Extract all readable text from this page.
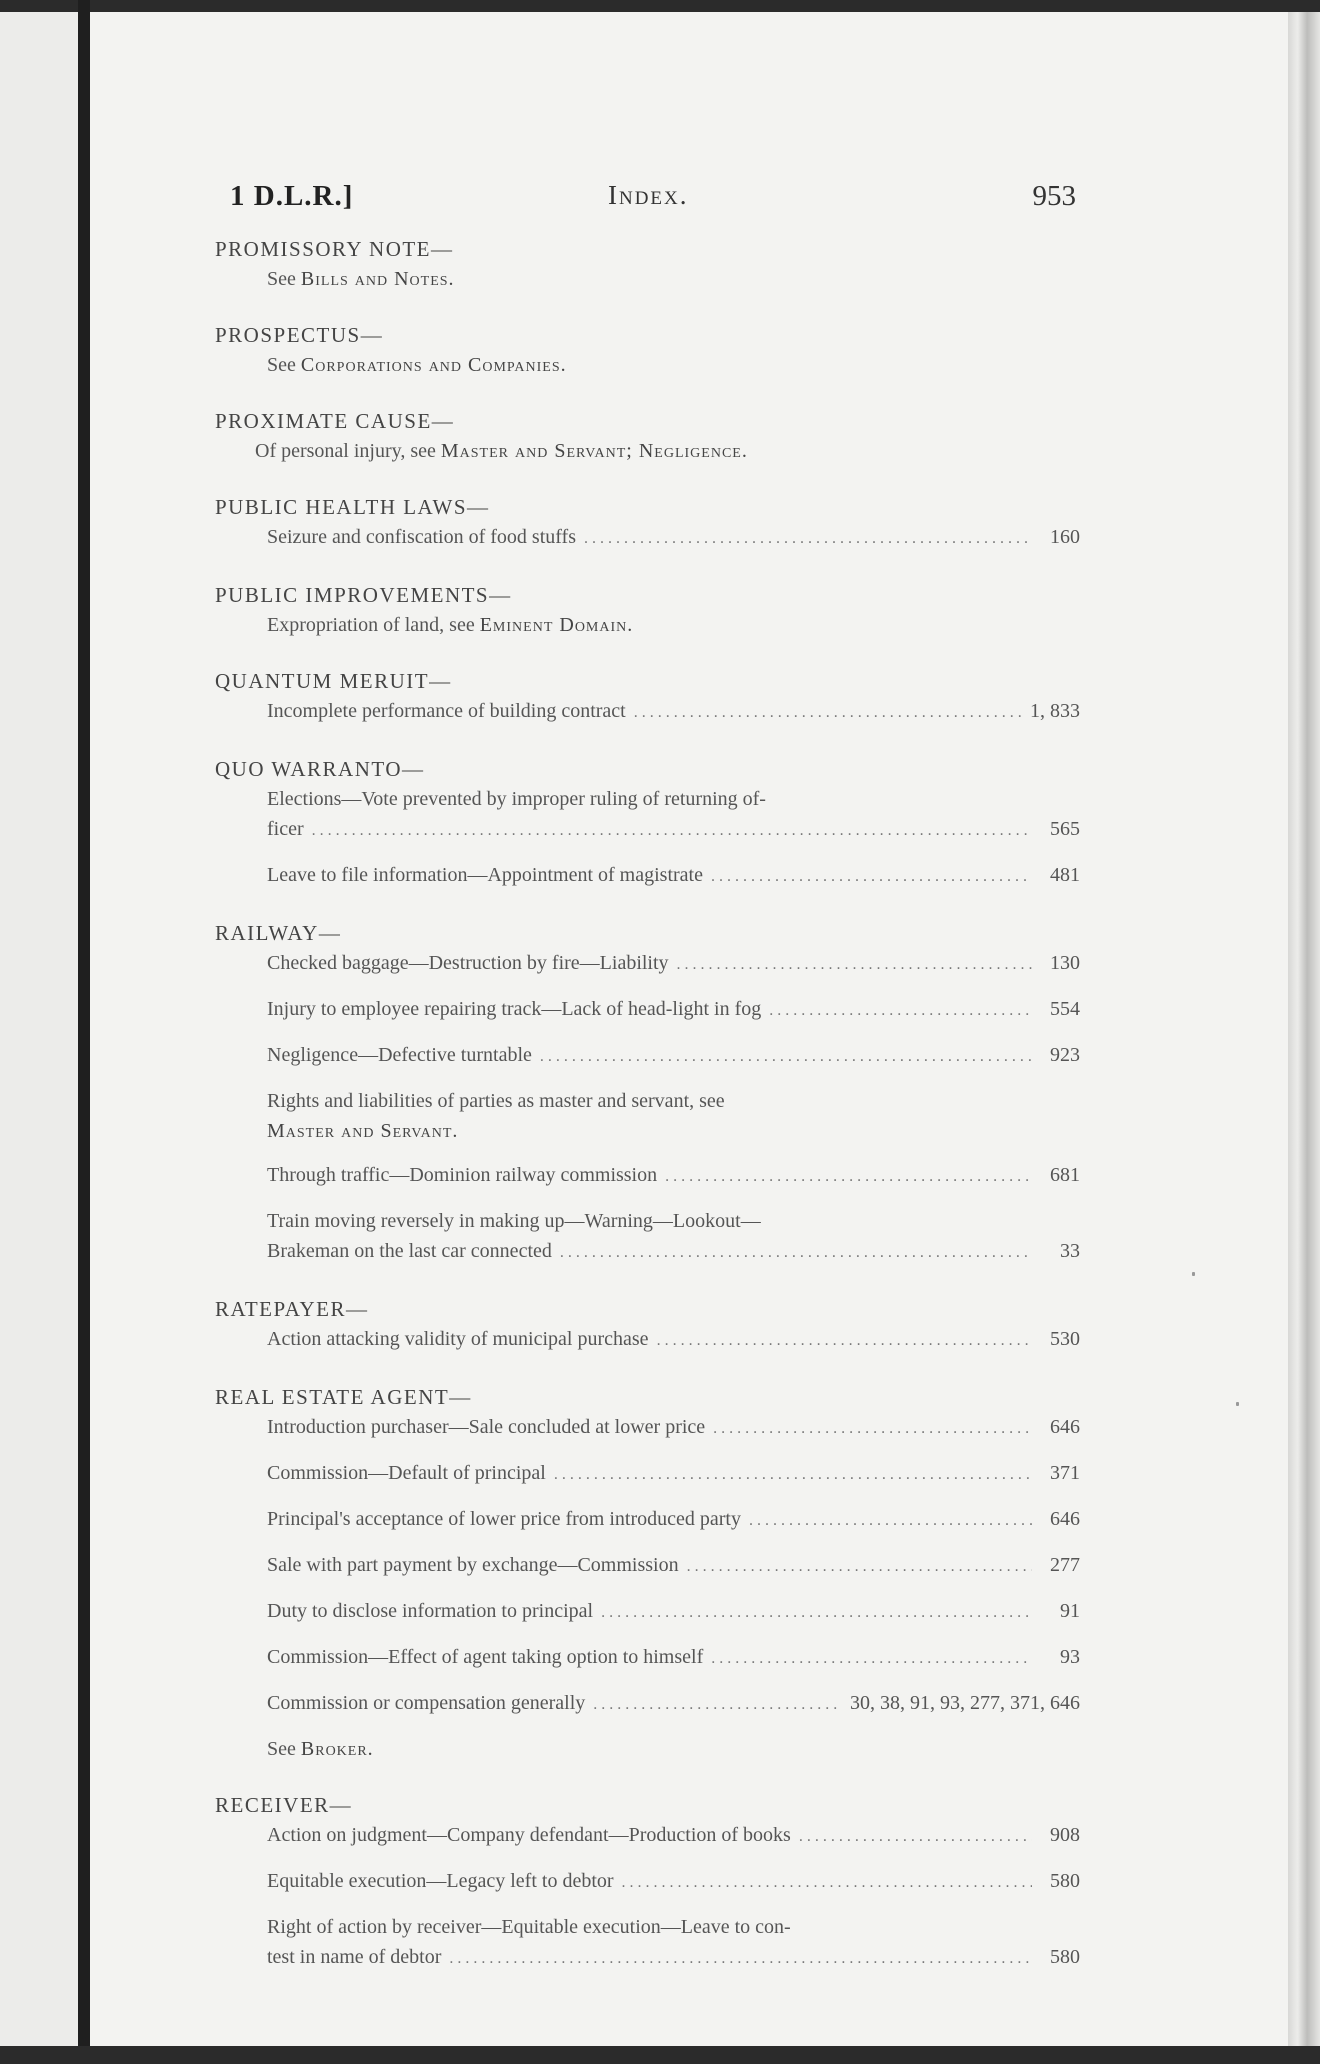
1 D.L.R.]	Index.	953
PROMISSORY NOTE—
See Bills and Notes.
PROSPECTUS—
See Corporations and Companies.
PROXIMATE CAUSE—
Of personal injury, see Master and Servant; Negligence.
PUBLIC HEALTH LAWS—
Seizure and confiscation of food stuffs .....	160
PUBLIC IMPROVEMENTS—
Expropriation of land, see Eminent Domain.
QUANTUM MERUIT—
Incomplete performance of building contract .....	1, 833
QUO WARRANTO—
Elections—Vote prevented by improper ruling of returning of-
ficer .....	565
Leave to file information—Appointment of magistrate .....	481
RAILWAY—
Checked baggage—Destruction by fire—Liability .....	130
Injury to employee repairing track—Lack of head-light in fog .....	554
Negligence—Defective turntable .....	923
Rights and liabilities of parties as master and servant, see
Master and Servant.
Through traffic—Dominion railway commission .....	681
Train moving reversely in making up—Warning—Lookout—
Brakeman on the last car connected .....	33
RATEPAYER—
Action attacking validity of municipal purchase .....	530
REAL ESTATE AGENT—
Introduction purchaser—Sale concluded at lower price .....	646
Commission—Default of principal .....	371
Principal's acceptance of lower price from introduced party .....	646
Sale with part payment by exchange—Commission .....	277
Duty to disclose information to principal .....	91
Commission—Effect of agent taking option to himself .....	93
Commission or compensation generally .....	30, 38, 91, 93, 277, 371, 646
See Broker.
RECEIVER—
Action on judgment—Company defendant—Production of books .....	908
Equitable execution—Legacy left to debtor .....	580
Right of action by receiver—Equitable execution—Leave to con-
test in name of debtor .....	580
